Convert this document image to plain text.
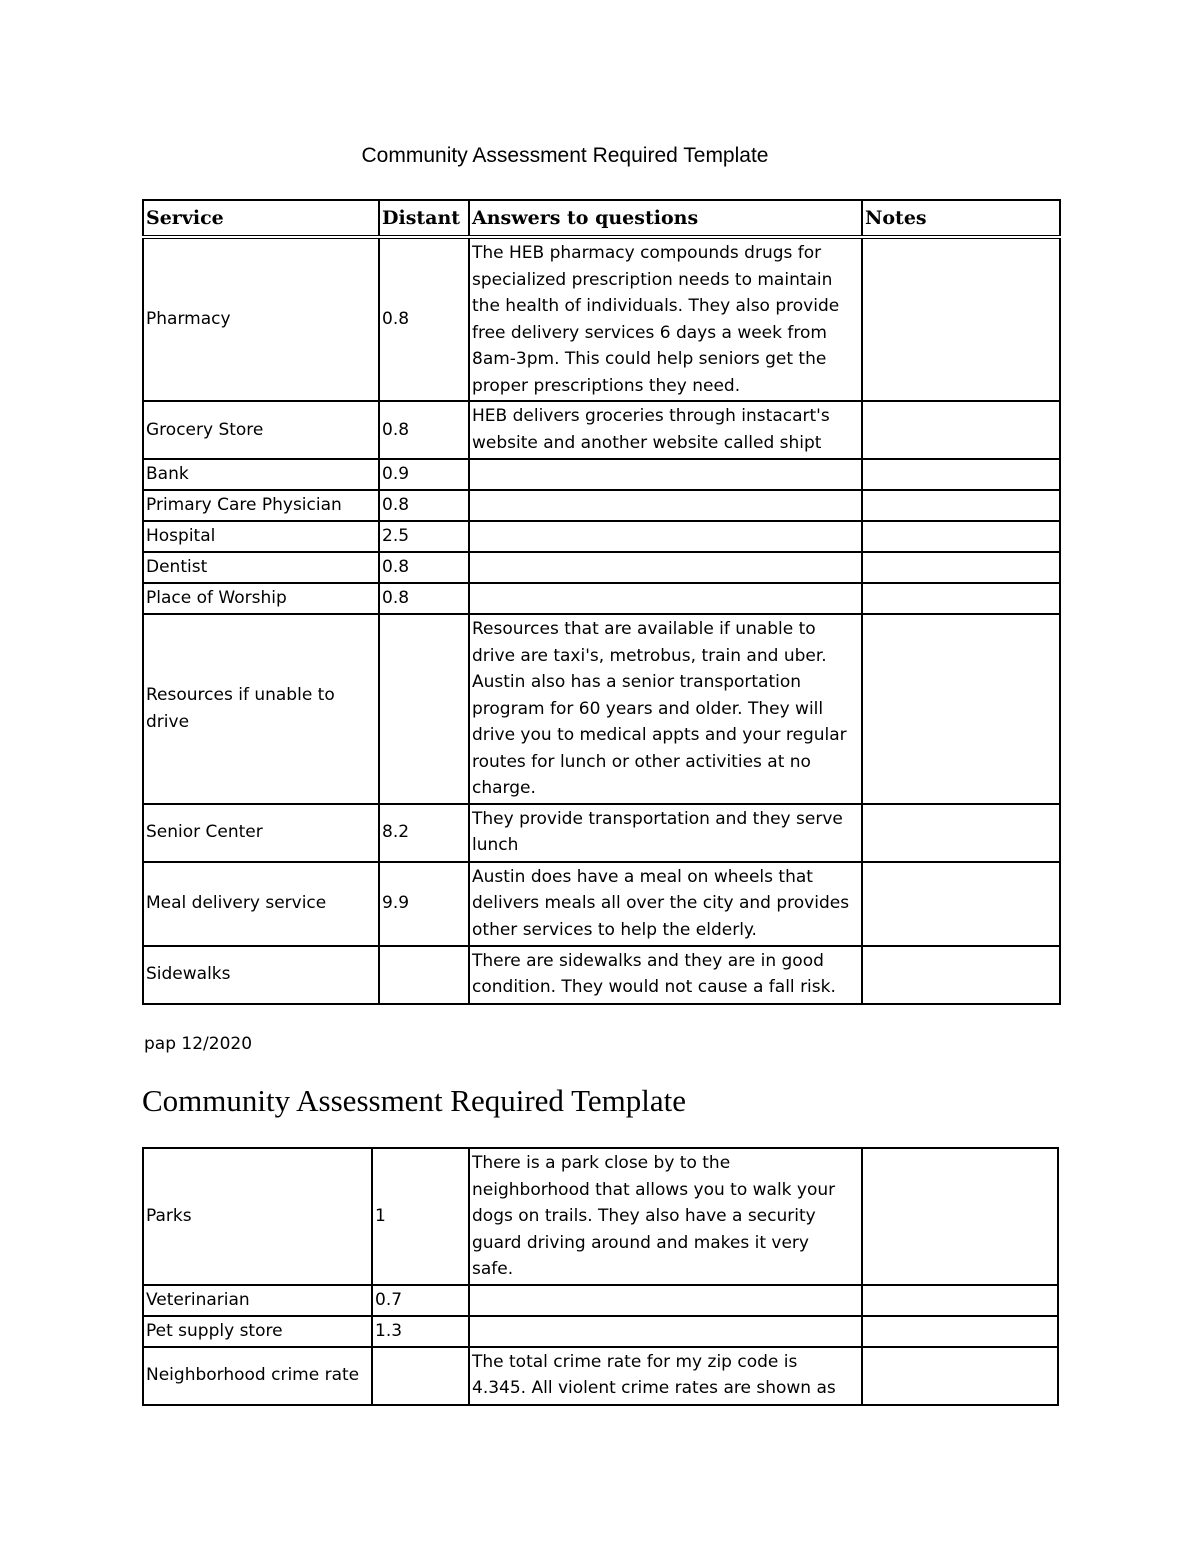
Community Assessment Required Template
Service	Distant	Answers to questions	Notes
Pharmacy	0.8	The HEB pharmacy compounds drugs for specialized prescription needs to maintain the health of individuals. They also provide free delivery services 6 days a week from 8am-3pm. This could help seniors get the proper prescriptions they need.	
Grocery Store	0.8	HEB delivers groceries through instacart's website and another website called shipt	
Bank	0.9		
Primary Care Physician	0.8		
Hospital	2.5		
Dentist	0.8		
Place of Worship	0.8		
Resources if unable to drive		Resources that are available if unable to drive are taxi's, metrobus, train and uber. Austin also has a senior transportation program for 60 years and older. They will drive you to medical appts and your regular routes for lunch or other activities at no charge.	
Senior Center	8.2	They provide transportation and they serve lunch	
Meal delivery service	9.9	Austin does have a meal on wheels that delivers meals all over the city and provides other services to help the elderly.	
Sidewalks		There are sidewalks and they are in good condition. They would not cause a fall risk.	
pap 12/2020
Community Assessment Required Template
Parks	1	There is a park close by to the neighborhood that allows you to walk your dogs on trails. They also have a security guard driving around and makes it very safe.	
Veterinarian	0.7		
Pet supply store	1.3		
Neighborhood crime rate		The total crime rate for my zip code is 4.345. All violent crime rates are shown as	
